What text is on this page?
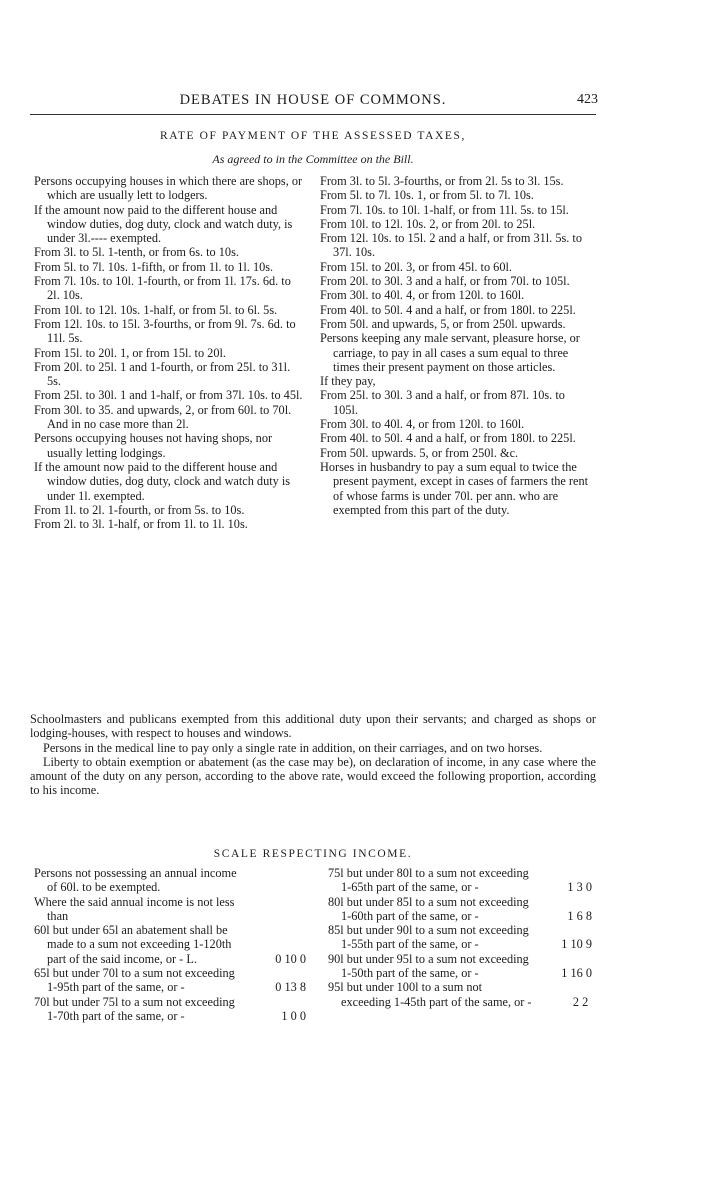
DEBATES IN HOUSE OF COMMONS.	423
RATE OF PAYMENT OF THE ASSESSED TAXES,
As agreed to in the Committee on the Bill.

Persons occupying houses in which there are shops, or which are usually lett to lodgers.

If the amount now paid to the different house and window duties, dog duty, clock and watch duty, is under 3l.---- exempted.

From 3l. to 5l. 1-tenth, or from 6s. to 10s.

From 5l. to 7l. 10s. 1-fifth, or from 1l. to 1l. 10s.

From 7l. 10s. to 10l. 1-fourth, or from 1l. 17s. 6d. to 2l. 10s.

From 10l. to 12l. 10s. 1-half, or from 5l. to 6l. 5s.

From 12l. 10s. to 15l. 3-fourths, or from 9l. 7s. 6d. to 11l. 5s.

From 15l. to 20l. 1, or from 15l. to 20l.

From 20l. to 25l. 1 and 1-fourth, or from 25l. to 31l. 5s.

From 25l. to 30l. 1 and 1-half, or from 37l. 10s. to 45l.

From 30l. to 35. and upwards, 2, or from 60l. to 70l. And in no case more than 2l.

Persons occupying houses not having shops, nor usually letting lodgings.

If the amount now paid to the different house and window duties, dog duty, clock and watch duty is under 1l. exempted.

From 1l. to 2l. 1-fourth, or from 5s. to 10s.

From 2l. to 3l. 1-half, or from 1l. to 1l. 10s.

From 3l. to 5l. 3-fourths, or from 2l. 5s to 3l. 15s.

From 5l. to 7l. 10s. 1, or from 5l. to 7l. 10s.

From 7l. 10s. to 10l. 1-half, or from 11l. 5s. to 15l.

From 10l. to 12l. 10s. 2, or from 20l. to 25l.

From 12l. 10s. to 15l. 2 and a half, or from 31l. 5s. to 37l. 10s.

From 15l. to 20l. 3, or from 45l. to 60l.

From 20l. to 30l. 3 and a half, or from 70l. to 105l.

From 30l. to 40l. 4, or from 120l. to 160l.

From 40l. to 50l. 4 and a half, or from 180l. to 225l.

From 50l. and upwards, 5, or from 250l. upwards.

Persons keeping any male servant, pleasure horse, or carriage, to pay in all cases a sum equal to three times their present payment on those articles.

If they pay,

From 25l. to 30l. 3 and a half, or from 87l. 10s. to 105l.

From 30l. to 40l. 4, or from 120l. to 160l.

From 40l. to 50l. 4 and a half, or from 180l. to 225l.

From 50l. upwards. 5, or from 250l. &c.

Horses in husbandry to pay a sum equal to twice the present payment, except in cases of farmers the rent of whose farms is under 70l. per ann. who are exempted from this part of the duty.

Schoolmasters and publicans exempted from this additional duty upon their servants; and charged as shops or lodging-houses, with respect to houses and windows.

Persons in the medical line to pay only a single rate in addition, on their carriages, and on two horses.

Liberty to obtain exemption or abatement (as the case may be), on declaration of income, in any case where the amount of the duty on any person, according to the above rate, would exceed the following proportion, according to his income.

SCALE RESPECTING INCOME.

Persons not possessing an annual income of 60l. to be exempted.

Where the said annual income is not less than

60l but under 65l an abatement shall be made to a sum not exceeding 1-120th part of the said income, or - L.	0 10 0

65l but under 70l to a sum not exceeding 1-95th part of the same, or -	0 13 8

70l but under 75l to a sum not exceeding 1-70th part of the same, or -	1 0 0

75l but under 80l to a sum not exceeding 1-65th part of the same, or -	1 3 0

80l but under 85l to a sum not exceeding 1-60th part of the same, or -	1 6 8

85l but under 90l to a sum not exceeding 1-55th part of the same, or -	1 10 9

90l but under 95l to a sum not exceeding 1-50th part of the same, or -	1 16 0

95l but under 100l to a sum not exceeding 1-45th part of the same, or -	2 2
